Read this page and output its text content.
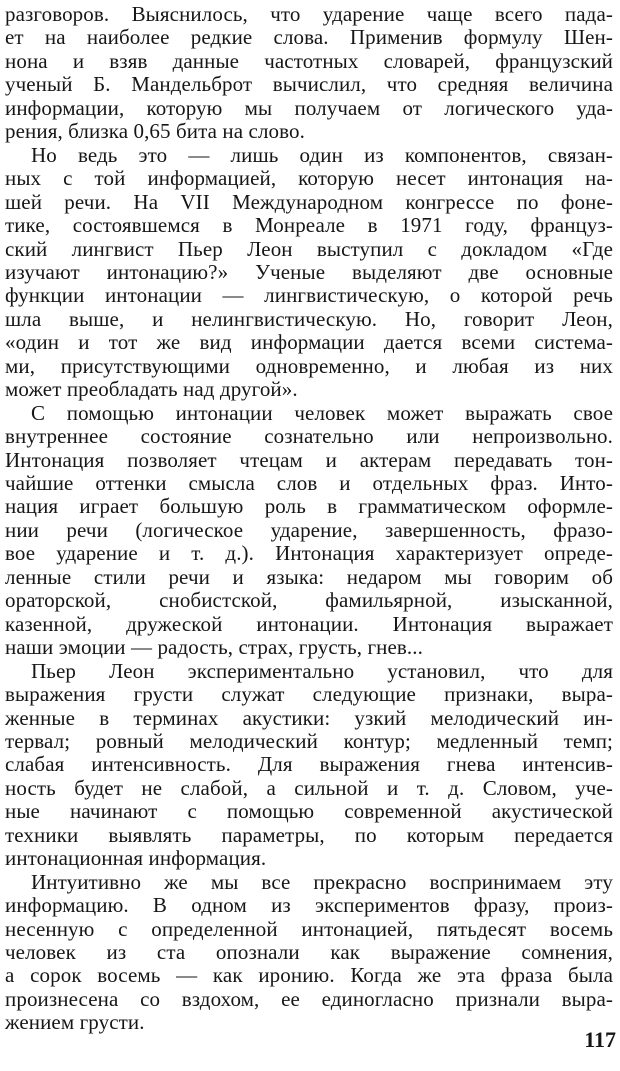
разговоров. Выяснилось, что ударение чаще всего пада-
ет на наиболее редкие слова. Применив формулу Шен-
нона и взяв данные частотных словарей, французский
ученый Б. Мандельброт вычислил, что средняя величина
информации, которую мы получаем от логического уда-
рения, близка 0,65 бита на слово.
Но ведь это — лишь один из компонентов, связан-
ных с той информацией, которую несет интонация на-
шей речи. На VII Международном конгрессе по фоне-
тике, состоявшемся в Монреале в 1971 году, француз-
ский лингвист Пьер Леон выступил с докладом «Где
изучают интонацию?» Ученые выделяют две основные
функции интонации — лингвистическую, о которой речь
шла выше, и нелингвистическую. Но, говорит Леон,
«один и тот же вид информации дается всеми система-
ми, присутствующими одновременно, и любая из них
может преобладать над другой».
С помощью интонации человек может выражать свое
внутреннее состояние сознательно или непроизвольно.
Интонация позволяет чтецам и актерам передавать тон-
чайшие оттенки смысла слов и отдельных фраз. Инто-
нация играет большую роль в грамматическом оформле-
нии речи (логическое ударение, завершенность, фразо-
вое ударение и т. д.). Интонация характеризует опреде-
ленные стили речи и языка: недаром мы говорим об
ораторской, снобистской, фамильярной, изысканной,
казенной, дружеской интонации. Интонация выражает
наши эмоции — радость, страх, грусть, гнев...
Пьер Леон экспериментально установил, что для
выражения грусти служат следующие признаки, выра-
женные в терминах акустики: узкий мелодический ин-
тервал; ровный мелодический контур; медленный темп;
слабая интенсивность. Для выражения гнева интенсив-
ность будет не слабой, а сильной и т. д. Словом, уче-
ные начинают с помощью современной акустической
техники выявлять параметры, по которым передается
интонационная информация.
Интуитивно же мы все прекрасно воспринимаем эту
информацию. В одном из экспериментов фразу, произ-
несенную с определенной интонацией, пятьдесят восемь
человек из ста опознали как выражение сомнения,
а сорок восемь — как иронию. Когда же эта фраза была
произнесена со вздохом, ее единогласно признали выра-
жением грусти.
117
